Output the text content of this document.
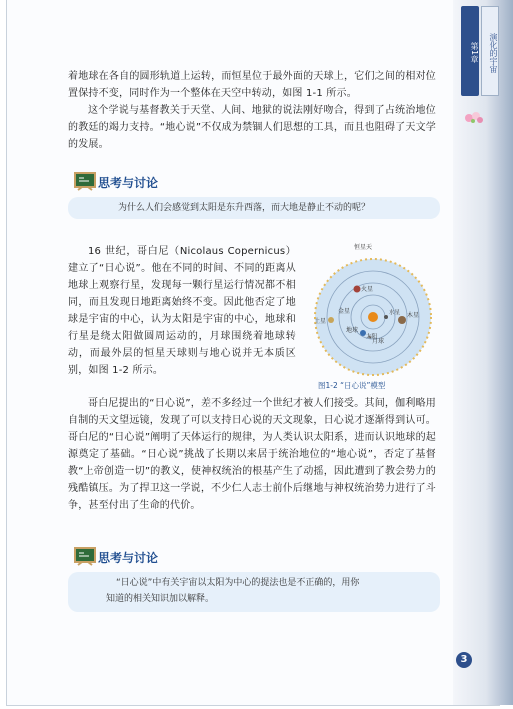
第1章	演化的宇宙
着地球在各自的圆形轨道上运转，而恒星位于最外面的天球上，它们之间的相对位置保持不变，同时作为一个整体在天空中转动，如图 1-1 所示。
这个学说与基督教关于天堂、人间、地狱的说法刚好吻合，得到了占统治地位的教廷的竭力支持。“地心说”不仅成为禁锢人们思想的工具，而且也阻碍了天文学的发展。
思考与讨论
为什么人们会感觉到太阳是东升西落，而大地是静止不动的呢？
16 世纪，哥白尼（Nicolaus Copernicus）建立了“日心说”。他在不同的时间、不同的距离从地球上观察行星，发现每一颗行星运行情况都不相同，而且发现日地距离始终不变。因此他否定了地球是宇宙的中心，认为太阳是宇宙的中心，地球和行星是绕太阳做圆周运动的，月球围绕着地球转动，而最外层的恒星天球则与地心说并无本质区别，如图 1-2 所示。
恒星天
火星
金星
太阳
木星
土星
水星
地球
月球
图1-2 “日心说”模型
哥白尼提出的“日心说”，差不多经过一个世纪才被人们接受。其间，伽利略用自制的天文望远镜，发现了可以支持日心说的天文现象，日心说才逐渐得到认可。哥白尼的“日心说”阐明了天体运行的规律，为人类认识太阳系，进而认识地球的起源奠定了基础。“日心说”挑战了长期以来居于统治地位的“地心说”，否定了基督教“上帝创造一切”的教义，使神权统治的根基产生了动摇，因此遭到了教会势力的残酷镇压。为了捍卫这一学说，不少仁人志士前仆后继地与神权统治势力进行了斗争，甚至付出了生命的代价。
思考与讨论
“日心说”中有关宇宙以太阳为中心的提法也是不正确的，用你
知道的相关知识加以解释。
3
